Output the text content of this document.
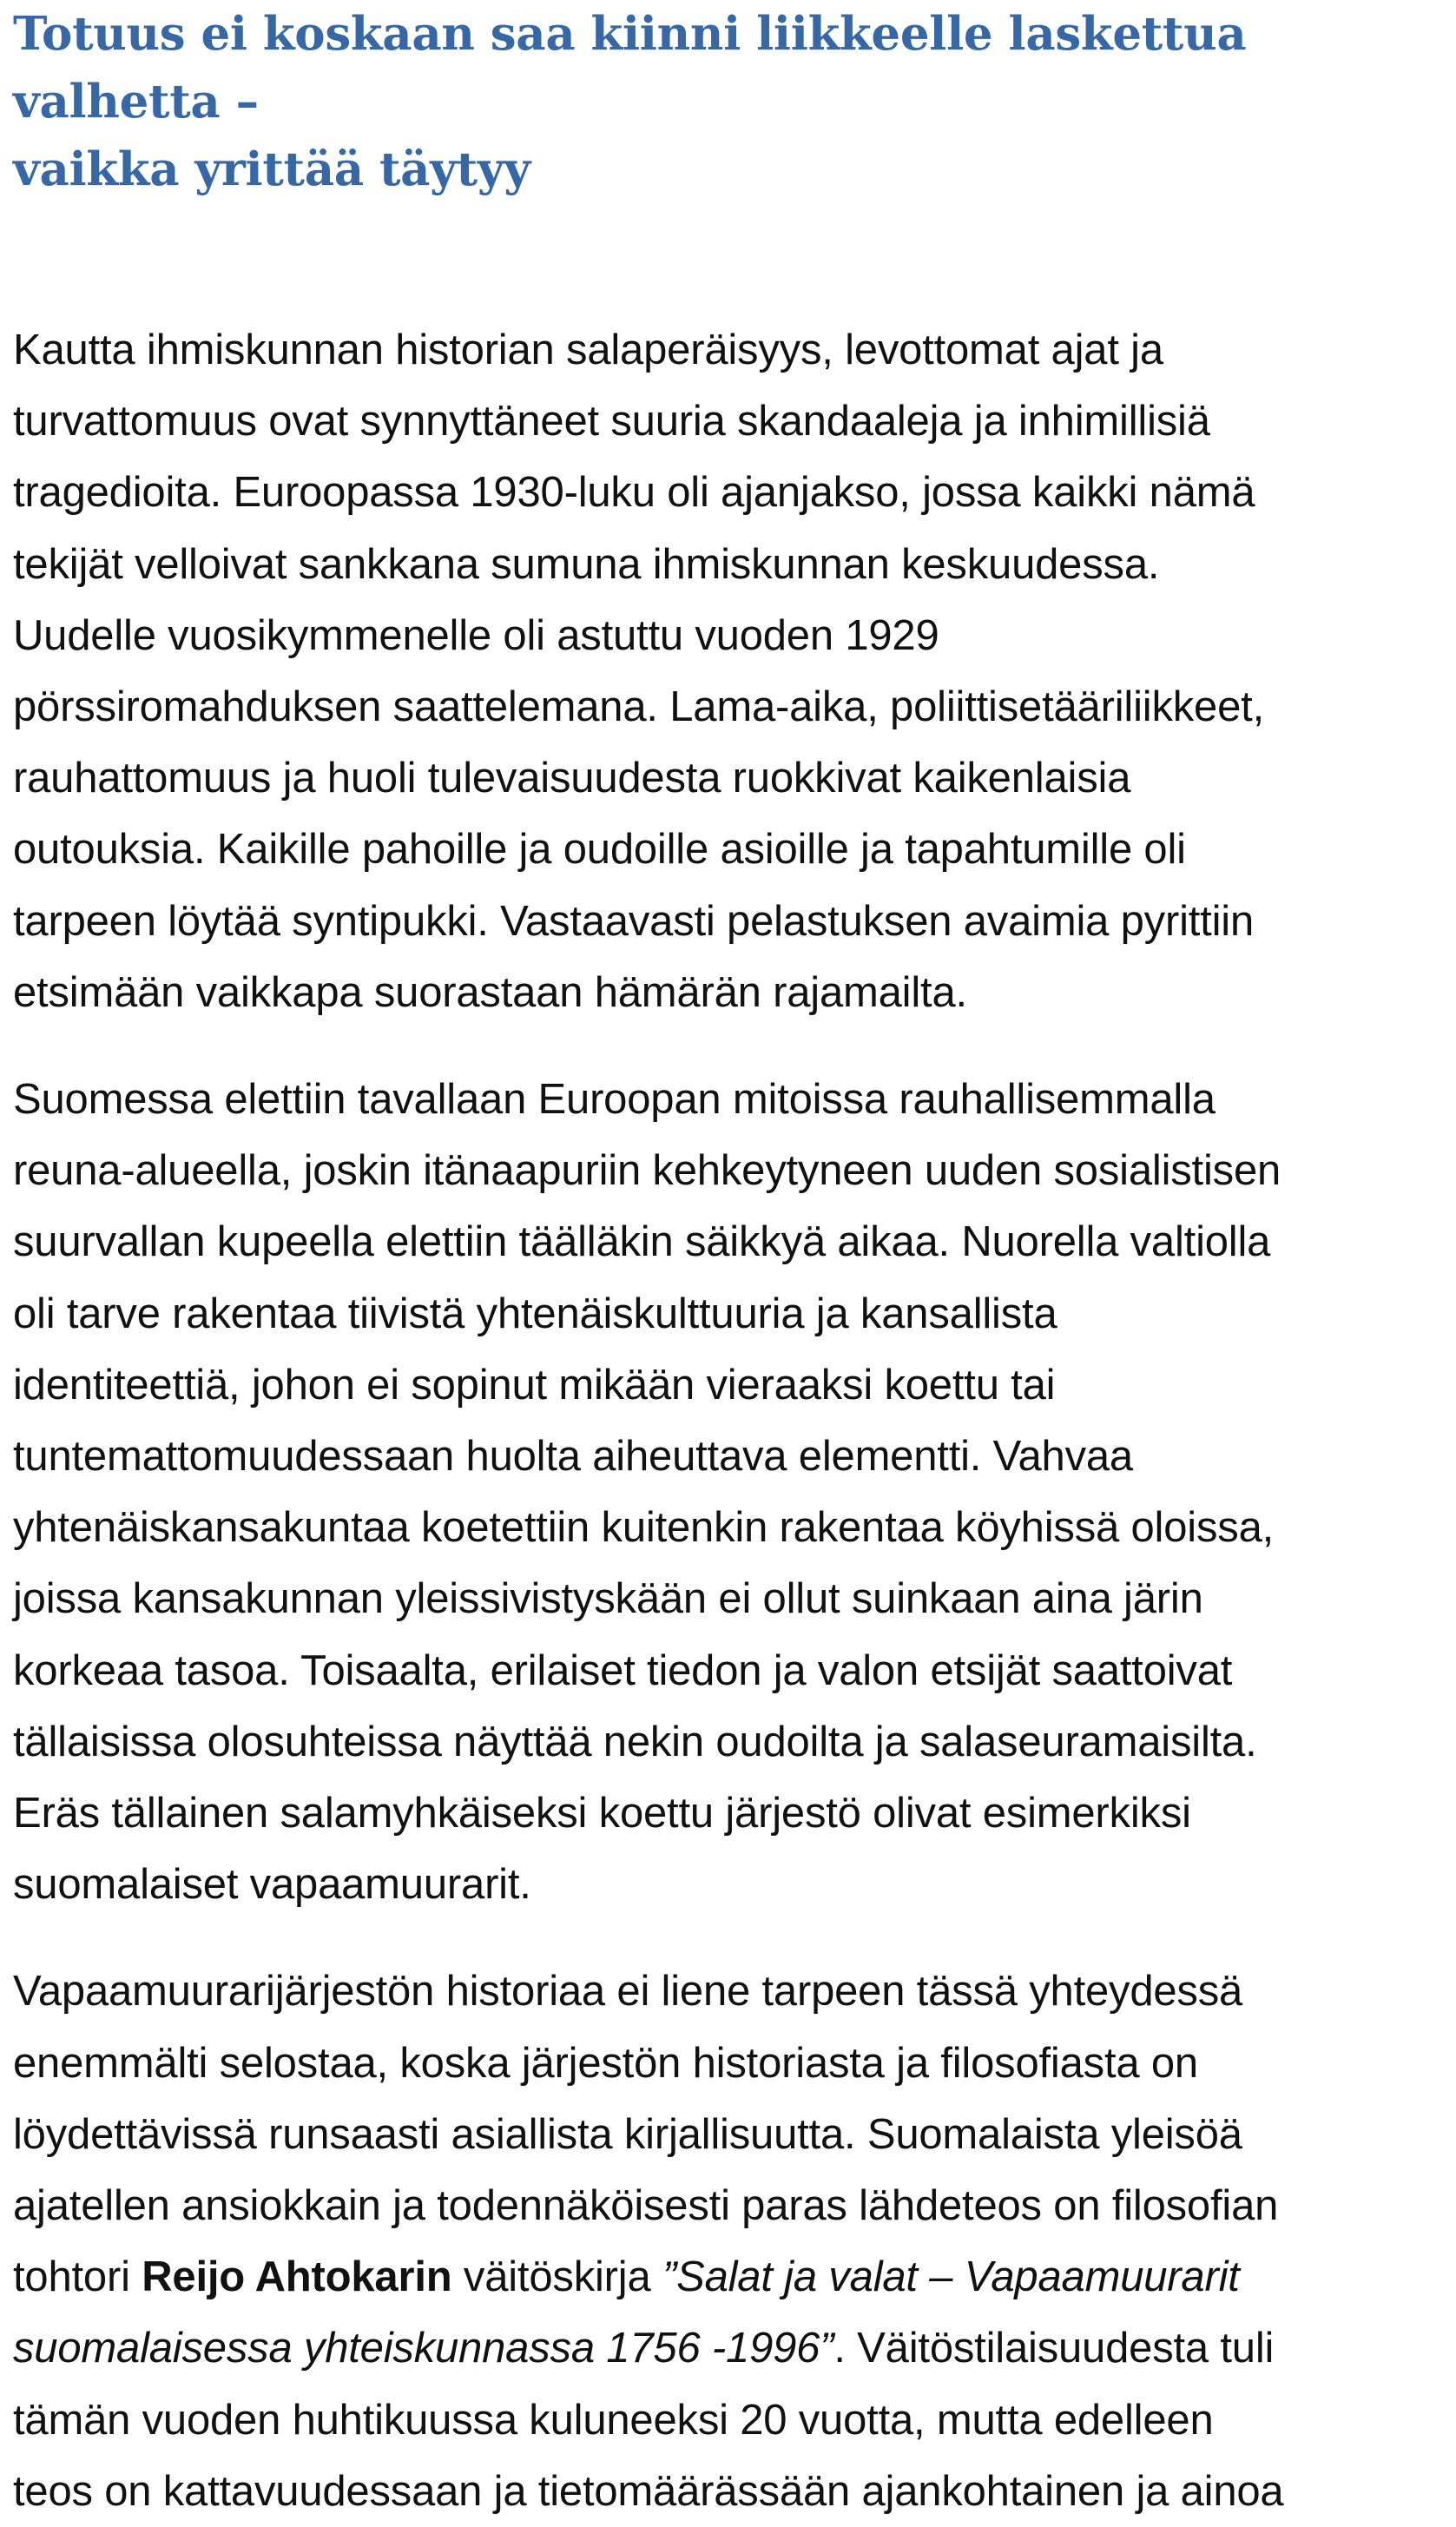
Totuus ei koskaan saa kiinni liikkeelle laskettua valhetta –
vaikka yrittää täytyy

Kautta ihmiskunnan historian salaperäisyys, levottomat ajat ja
turvattomuus ovat synnyttäneet suuria skandaaleja ja inhimillisiä
tragedioita. Euroopassa 1930-luku oli ajanjakso, jossa kaikki nämä
tekijät velloivat sankkana sumuna ihmiskunnan keskuudessa.
Uudelle vuosikymmenelle oli astuttu vuoden 1929
pörssiromahduksen saattelemana. Lama-aika, poliittisetääriliikkeet,
rauhattomuus ja huoli tulevaisuudesta ruokkivat kaikenlaisia
outouksia. Kaikille pahoille ja oudoille asioille ja tapahtumille oli
tarpeen löytää syntipukki. Vastaavasti pelastuksen avaimia pyrittiin
etsimään vaikkapa suorastaan hämärän rajamailta.

Suomessa elettiin tavallaan Euroopan mitoissa rauhallisemmalla
reuna-alueella, joskin itänaapuriin kehkeytyneen uuden sosialistisen
suurvallan kupeella elettiin täälläkin säikkyä aikaa. Nuorella valtiolla
oli tarve rakentaa tiivistä yhtenäiskulttuuria ja kansallista
identiteettiä, johon ei sopinut mikään vieraaksi koettu tai
tuntemattomuudessaan huolta aiheuttava elementti. Vahvaa
yhtenäiskansakuntaa koetettiin kuitenkin rakentaa köyhissä oloissa,
joissa kansakunnan yleissivistyskään ei ollut suinkaan aina järin
korkeaa tasoa. Toisaalta, erilaiset tiedon ja valon etsijät saattoivat
tällaisissa olosuhteissa näyttää nekin oudoilta ja salaseuramaisilta.
Eräs tällainen salamyhkäiseksi koettu järjestö olivat esimerkiksi
suomalaiset vapaamuurarit.

Vapaamuurarijärjestön historiaa ei liene tarpeen tässä yhteydessä
enemmälti selostaa, koska järjestön historiasta ja filosofiasta on
löydettävissä runsaasti asiallista kirjallisuutta. Suomalaista yleisöä
ajatellen ansiokkain ja todennäköisesti paras lähdeteos on filosofian
tohtori Reijo Ahtokarin väitöskirja ”Salat ja valat – Vapaamuurarit
suomalaisessa yhteiskunnassa 1756 -1996”. Väitöstilaisuudesta tuli
tämän vuoden huhtikuussa kuluneeksi 20 vuotta, mutta edelleen
teos on kattavuudessaan ja tietomäärässään ajankohtainen ja ainoa
